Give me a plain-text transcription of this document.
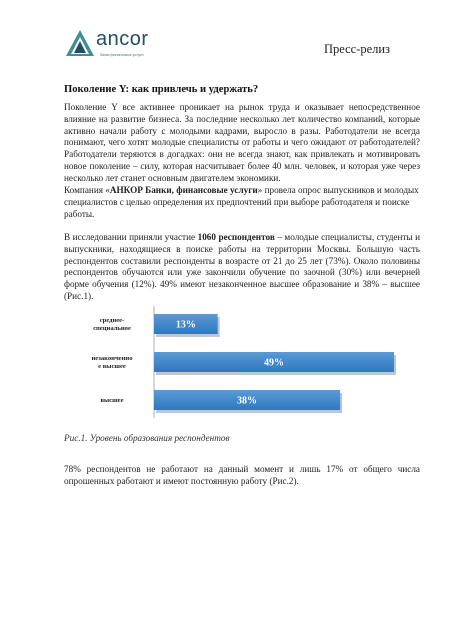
ancor
банки финансовые услуги	Пресс-релиз
Поколение Y: как привлечь и удержать?
Поколение Y все активнее проникает на рынок труда и оказывает непосредственное влияние на развитие бизнеса. За последние несколько лет количество компаний, которые активно начали работу с молодыми кадрами, выросло в разы. Работодатели не всегда понимают, чего хотят молодые специалисты от работы и чего ожидают от работодателей? Работодатели теряются в догадках: они не всегда знают, как привлекать и мотивировать новое поколение – силу, которая насчитывает более 40 млн. человек, и которая уже через несколько лет станет основным двигателем экономики.
Компания «АНКОР Банки, финансовые услуги» провела опрос выпускников и молодых специалистов с целью определения их предпочтений при выборе работодателя и поиске работы.
В исследовании приняли участие 1060 респондентов – молодые специалисты, студенты и выпускники, находящиеся в поиске работы на территории Москвы. Большую часть респондентов составили респонденты в возрасте от 21 до 25 лет (73%). Около половины респондентов обучаются или уже закончили обучение по заочной (30%) или вечерней форме обучения (12%). 49% имеют незаконченное высшее образование и 38% – высшее (Рис.1).
13%
среднее-специальное
49%
незаконченно е высшее
38%
высшее
Рис.1. Уровень образования респондентов
78% респондентов не работают на данный момент и лишь 17% от общего числа опрошенных работают и имеют постоянную работу (Рис.2).
